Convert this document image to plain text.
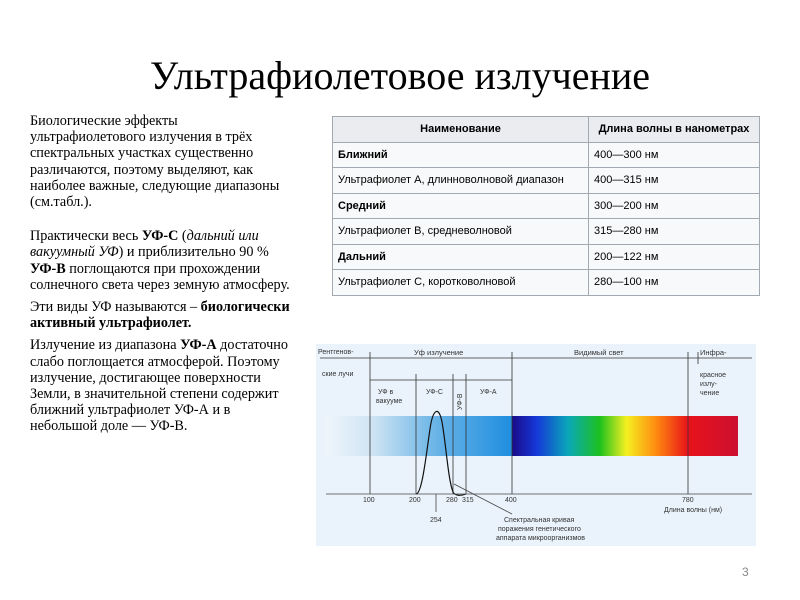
Ультрафиолетовое излучение

Биологические эффекты ультрафиолетового излучения в трёх спектральных участках существенно различаются, поэтому выделяют, как наиболее важные, следующие диапазоны (см.табл.).

Практически весь УФ-С (дальний или вакуумный УФ) и приблизительно 90 % УФ-В поглощаются при прохождении солнечного света через земную атмосферу.

Эти виды УФ называются – биологически активный ультрафиолет.

Излучение из диапазона УФ-А достаточно слабо поглощается атмосферой. Поэтому излучение, достигающее поверхности Земли, в значительной степени содержит ближний ультрафиолет УФ-А и в небольшой доле — УФ-В.

Наименование	Длина волны в нанометрах
Ближний	400—300 нм
Ультрафиолет А, длинноволновой диапазон	400—315 нм
Средний	300—200 нм
Ультрафиолет B, средневолновой	315—280 нм
Дальний	200—122 нм
Ультрафиолет С, коротковолновой	280—100 нм
Рентгенов-
ские лучи
Уф излучение	Видимый свет	Инфра-
красное
излу-
чение
УФ в
вакууме
УФ-С
УФ-В
УФ-А
100	200	280 315	400	780
254	Спектральная кривая
поражения генетического
аппарата микроорганизмов
Длина волны (нм)
3
